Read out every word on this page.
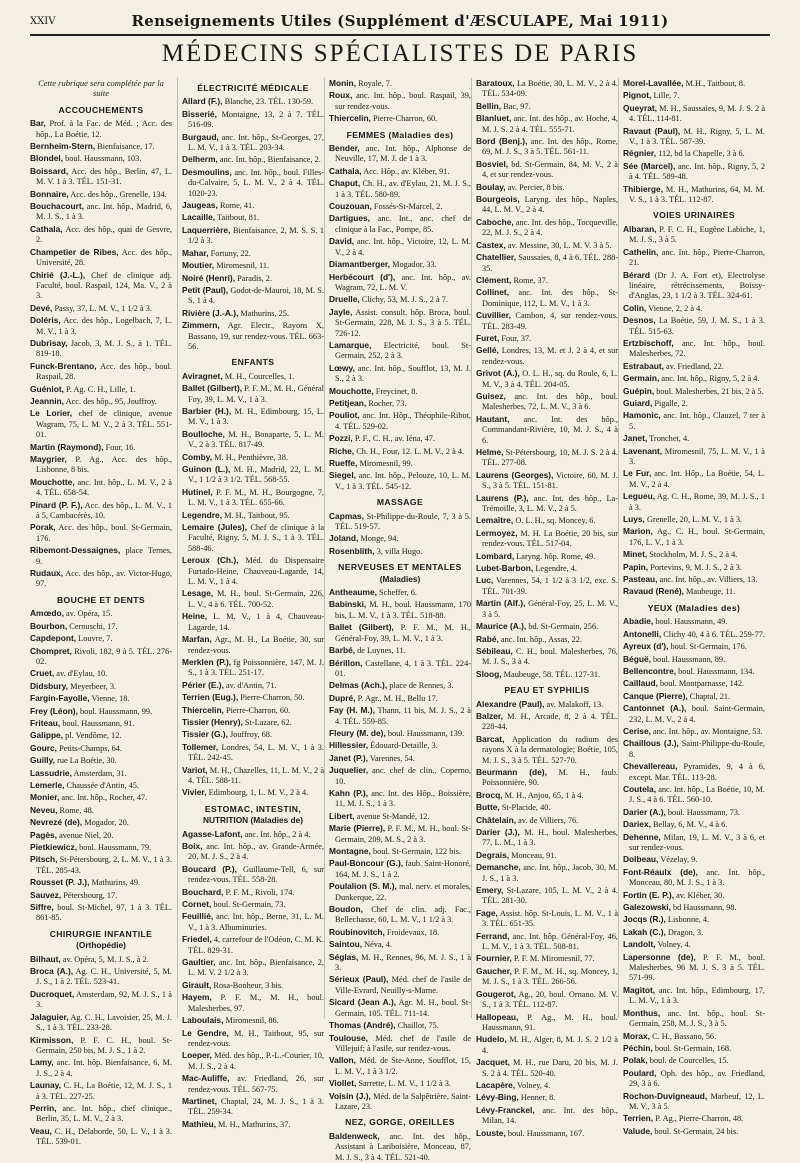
XXIV	Renseignements Utiles (Supplément d'ÆSCULAPE, Mai 1911)
MÉDECINS SPÉCIALISTES DE PARIS
Cette rubrique sera complétée par la suite
ACCOUCHEMENTS

Bar, Prof. à la Fac. de Méd. ; Acc. des hôp., La Boétie, 12.

Bernheim-Stern, Bienfaisance, 17.

Blondel, boul. Haussmann, 103.

Boissard, Acc. des hôp., Berlin, 47, L. M. V. 1 à 3. TÉL. 151-31.

Bonnaire, Acc. des hôp., Grenelle, 134.

Bouchacourt, anc. Int. hôp., Madrid, 6, M. J. S., 1 à 3.

Cathala, Acc. des hôp., quai de Gesvre, 2.

Champetier de Ribes, Acc. des hôp., Université, 28.

Chirié (J.-L.), Chef de clinique adj. Faculté, boul. Raspail, 124, Ma. V., 2 à 3.

Devé, Passy, 37, L. M. V., 1 1/2 à 3.

Doléris, Acc. des hôp., Logelbach, 7, L. M. V., 1 à 3.

Dubrisay, Jacob, 3, M. J. S., à 1. TÉL. 819-18.

Funck-Brentano, Acc. des hôp., boul. Raspail, 28.

Guéniot, P. Ag. C. H., Lille, 1.

Jeannin, Acc. des hôp., 95, Jouffroy.

Le Lorier, chef de clinique, avenue Wagram, 75, L. M. V., 2 à 3. TÉL. 551-01.

Martin (Raymond), Four, 16.

Maygrier, P. Ag., Acc. des hôp., Lisbonne, 8 bis.

Mouchotte, anc. Int. hôp., L. M. V., 2 à 4. TÉL. 658-54.

Pinard (P. F.), Acc. des hôp., L. M. V., 1 à 5, Cambacérès, 10.

Porak, Acc. des hôp., boul. St-Germain, 176.

Ribemont-Dessaignes, place Ternes, 9.

Rudaux, Acc. des hôp., av. Victor-Hugo, 97.

BOUCHE ET DENTS

Amœdo, av. Opéra, 15.

Bourbon, Cernuschi, 17.

Capdepont, Louvre, 7.

Chompret, Rivoli, 182, 9 à 5. TÉL. 276-02.

Cruet, av. d'Eylau, 10.

Didsbury, Meyerbeer, 3.

Fargin-Fayolle, Vienne, 18.

Frey (Léon), boul. Haussmann, 99.

Friteau, boul. Haussmann, 91.

Galippe, pl. Vendôme, 12.

Gourc, Petits-Champs, 64.

Guilly, rue La Boétie, 30.

Lassudrie, Amsterdam, 31.

Lemerle, Chaussée d'Antin, 45.

Monier, anc. Int. hôp., Rocher, 47.

Neveu, Rome, 48.

Nevrezé (de), Mogador, 20.

Pagès, avenue Niel, 20.

Pietkiewicz, boul. Haussmann, 79.

Pitsch, St-Pétersbourg, 2, L. M. V., 1 à 3. TÉL. 285-43.

Rousset (P. J.), Mathurins, 49.

Sauvez, Pétersbourg, 17.

Siffre, boul. St-Michel, 97, 1 à 3. TÉL. 861-85.

CHIRURGIE INFANTILE
(Orthopédie)

Bilhaut, av. Opéra, 5, M. J. S., à 2.

Broca (A.), Ag. C. H., Université, 5, M. J. S., 1 à 2. TÉL. 523-41.

Ducroquet, Amsterdam, 92, M. J. S., 1 à 3.

Jalaguier, Ag. C. H., Lavoisier, 25, M. J. S., 1 à 3. TÉL. 233-28.

Kirmisson, P. F. C. H., boul. St-Germain, 250 bis, M. J. S., 1 à 2.

Lamy, anc. Int. hôp. Bienfaisance, 6, M. J. S., 2 à 4.

Launay, C. H., La Boétie, 12, M. J. S., 1 à 3. TÉL. 227-25.

Perrin, anc. Int. hôp., chef clinique., Berlin, 35, L. M. V., 2 à 3.

Veau, C. H., Delaborde, 50, L. V., 1 à 3. TÉL. 539-01.

ÉLECTRICITÉ MÉDICALE

Allard (F.), Blanche, 23. TÉL. 130-59.

Bisserié, Montaigne, 13, 2 à 7. TÉL. 516-09.

Burgaud, anc. Int. hôp., St-Georges, 27, L. M. V., 1 à 3. TÉL. 203-34.

Delherm, anc. Int. hôp., Bienfaisance, 2.

Desmoulins, anc. Int. hôp., boul. Filles-du-Calvaire, 5, L. M. V., 2 à 4. TÉL. 1020-23.

Jaugeas, Rome, 41.

Lacaille, Taitbout, 81.

Laquerrière, Bienfaisance, 2, M. S. S. 1 1/2 à 3.

Mahar, Fortuny, 22.

Moutier, Miromesnil, 11.

Noiré (Henri), Paradis, 2.

Petit (Paul), Godot-de-Mauroi, 18, M. S. S. 1 à 4.

Rivière (J.-A.), Mathurins, 25.

Zimmern, Agr. Electr., Rayons X, Bassano, 19, sur rendez-vous. TÉL. 663-56.

ENFANTS

Aviragnet, M. H., Courcelles, 1.

Ballet (Gilbert), P. F. M., M. H., Général Foy, 39, L. M. V., 1 à 3.

Barbier (H.), M. H., Edimbourg, 15, L. M. V., 1 à 3.

Boulloche, M. H., Bonaparte, 5, L. M. V., 2 à 3. TÉL. 817-49.

Comby, M. H., Penthièvre, 38.

Guinon (L.), M. H., Madrid, 22, L. M. V., 1 1/2 à 3 1/2. TÉL. 568-55.

Hutinel, P. F. M., M. H., Bourgogne, 7, L. M. V., 1 à 3. TÉL. 655-66.

Legendre, M. H., Taitbout, 95.

Lemaire (Jules), Chef de clinique à la Faculté, Rigny, 5, M. J. S., 1 à 3. TÉL. 588-46.

Leroux (Ch.), Méd. du Dispensaire Furtado-Heine, Chauveau-Lagarde, 14, L. M. V., 1 à 4.

Lesage, M. H., boul. St-Germain, 226, L. V., 4 à 6. TÉL. 700-52.

Heine, L. M. V., 1 à 4, Chauveau-Lagarde, 14.

Marfan, Agr., M. H., La Boétie, 30, sur rendez-vous.

Merklen (P.), fg Poissonnière, 147, M. J. S., 1 à 3. TÉL. 251-17.

Périer (E.), av. d'Antin, 71.

Terrien (Eug.), Pierre-Charron, 50.

Thiercelin, Pierre-Charron, 60.

Tissier (Henry), St-Lazare, 62.

Tissier (G.), Jouffroy, 68.

Tollemer, Londres, 54, L. M. V., 1 à 3. TÉL. 242-45.

Variot, M. H., Chazelles, 11, L. M. V., 2 à 4. TÉL. 588-11.

Vivier, Edimbourg, 1, L. M. V., 2 à 4.

ESTOMAC, INTESTIN,
NUTRITION (Maladies de)

Agasse-Lafont, anc. Int. hôp., 2 à 4.

Boix, anc. Int. hôp., av. Grande-Armée, 20, M. J. S., 2 à 4.

Boucard (P.), Guillaume-Tell, 6, sur rendez-vous. TÉL. 558-28.

Bouchard, P. F. M., Rivoli, 174.

Cornet, boul. St-Germain, 73.

Feuillié, anc. Int. hôp., Berne, 31, L. M. V., 1 à 3. Albuminuries.

Friedel, 4, carrefour de l'Odéon, C. M. K. TÉL. 829-31.

Gaultier, anc. Int. hôp., Bienfaisance, 2, L. M. V. 2 1/2 à 3.

Girault, Rosa-Bonheur, 3 bis.

Hayem, P. F. M., M. H., boul. Malesherbes, 97.

Laboulais, Miromesnil, 86.

Le Gendre, M. H., Taitbout, 95, sur rendez-vous.

Loeper, Méd. des hôp., P.-L.-Courier, 10, M. J. S., 2 à 4.

Mac-Auliffe, av. Friedland, 26, sur rendez-vous. TÉL. 567-75.

Martinet, Chaptal, 24, M. J. S., 1 à 3. TÉL. 259-34.

Mathieu, M. H., Mathurins, 37.

Monin, Royale, 7.

Roux, anc. Int. hôp., boul. Raspail, 39, sur rendez-vous.

Thiercelin, Pierre-Charron, 60.

FEMMES (Maladies des)

Bender, anc. Int. hôp., Alphonse de Neuville, 17, M. J. de 1 à 3.

Cathala, Acc. Hôp., av. Kléber, 91.

Chaput, Ch. H., av. d'Eylau, 21, M. J. S., 1 à 3. TÉL. 580-89.

Couzouan, Fossés-St-Marcel, 2.

Dartigues, anc. Int., anc. chef de clinique à la Fac., Pompe, 85.

David, anc. Int. hôp., Victoire, 12, L. M. V., 2 à 4.

Diamantberger, Mogador, 33.

Herbécourt (d'), anc. Int. hôp., av. Wagram, 72, L. M. V.

Druelle, Clichy, 53, M. J. S., 2 à 7.

Jayle, Assist. consult. hôp. Broca, boul. St-Germain, 228, M. J. S., 3 à 5. TÉL. 726-12.

Lamarque, Electricité, boul. St-Germain, 252, 2 à 3.

Lœwy, anc. Int. hôp., Soufflot, 13, M. J. S., 2 à 3.

Mouchotte, Freycinet, 8.

Petitjean, Rocher, 73.

Pouliot, anc. Int. Hôp., Théophile-Ribot, 4. TÉL. 529-02.

Pozzi, P. F., C. H., av. Iéna, 47.

Riche, Ch. H., Four, 12. L. M. V., 2 à 4.

Rueffe, Miromesnil, 99.

Siegel, anc. Int. hôp., Pelouze, 10, L. M. V., 1 à 3. TÉL. 545-12.

MASSAGE

Capmas, St-Philippe-du-Roule, 7, 3 à 5. TÉL. 519-57.

Joland, Monge, 94.

Rosenblith, 3, villa Hugo.

NERVEUSES ET MENTALES
(Maladies)

Antheaume, Scheffer, 6.

Babinski, M. H., boul. Haussmann, 170 bis, L. M. V., 1 à 3. TÉL. 518-88.

Ballet (Gilbert), P. F. M., M. H., Général-Foy, 39, L. M. V., 1 à 3.

Barbé, de Luynes, 11.

Bérillon, Castellane, 4, 1 à 3. TÉL. 224-01.

Delmas (Ach.), place de Rennes, 3.

Dupré, P. Agr., M. H., Bellu 17.

Fay (H. M.), Thann, 11 bis, M. J. S., 2 à 4. TÉL. 559-85.

Fleury (M. de), boul. Haussmann, 139.

Hillessier, Édouard-Detaille, 3.

Janet (P.), Varennes, 54.

Juquelier, anc. chef de clin., Coperno, 10.

Kahn (P.), anc. Int. des Hôp., Boissière, 11, M. J. S., 1 à 3.

Libert, avenue St-Mandé, 12.

Marie (Pierre), P. F. M., M. H., boul. St-Germain, 209, M. S., 2 à 3.

Montagne, boul. St-Germain, 122 bis.

Paul-Boncour (G.), faub. Saint-Honoré, 164, M. J. S., 1 à 2.

Poulalion (S. M.), mal. nerv. et morales, Dunkerque, 22.

Boudon, Chef de clin. adj. Fac., Bellechasse, 60, L. M. V., 1 1/2 à 3.

Roubinovitch, Froidevaux, 18.

Saintou, Néva, 4.

Séglas, M. H., Rennes, 96, M. J. S., 1 à 3.

Sérieux (Paul), Méd. chef de l'asile de Ville-Evrard, Neuilly-s-Marne.

Sicard (Jean A.), Agr. M. H., boul. St-Germain, 105. TÉL. 711-14.

Thomas (André), Chaillot, 75.

Toulouse, Méd. chef de l'asile de Villejuif; à l'asile, sur rendez-vous.

Vallon, Méd. de Ste-Anne, Soufflot, 15, L. M. V., 1 à 3 1/2.

Viollet, Sarrette, L. M. V., 1 1/2 à 3.

Voisin (J.), Méd. de la Salpêtrière, Saint-Lazare, 23.

NEZ, GORGE, OREILLES

Baldenweck, anc. Int. des hôp., Assistant à Lariboisière, Monceau, 87, M. J. S., 3 à 4. TÉL. 521-40.

Baratoux, La Boétie, 30, L. M. V., 2 à 4. TÉL. 534-09.

Bellin, Bac, 97.

Blanluet, anc. Int. des hôp., av. Hoche, 4, M. J. S. 2 à 4. TÉL. 555-71.

Bord (Benj.), anc. Int. des hôp., Rome, 69, M. J. S., 3 à 5. TÉL. 561-11.

Bosviel, bd. St-Germain, 84, M. V., 2 à 4, et sur rendez-vous.

Boulay, av. Percier, 8 bis.

Bourgeois, Laryng. des hôp., Naples, 44, L. M. V., 2 à 4.

Caboche, anc. Int. des hôp., Tocqueville, 22, M. J. S., 2 à 4.

Castex, av. Messine, 30, L. M. V. 3 à 5.

Chatellier, Saussaies, 8, 4 à 6. TÉL. 288-35.

Clément, Rome, 37.

Collinet, anc. Int. des hôp., St-Dominique, 112, L. M. V., 1 à 3.

Cuvillier, Cambon, 4, sur rendez-vous. TÉL. 283-49.

Furet, Four, 37.

Gellé, Londres, 13, M. et J. 2 à 4, et sur rendez-vous.

Grivot (A.), O. L. H., sq. du Roule, 6, L. M. V., 3 à 4. TÉL. 204-05.

Guisez, anc. Int. des hôp., boul. Malesherbes, 72, L. M. V., 3 à 6.

Hautant, anc. Int. des hôp., Commandant-Rivière, 10, M. J. S., 4 à 6.

Helme, St-Pétersbourg, 10, M. J. S. 2 à 4. TÉL. 277-08.

Laurens (Georges), Victoire, 60, M. J. S., 3 à 5. TÉL. 151-81.

Laurens (P.), anc. Int. des hôp., La-Trémoille, 3, L. M. V., 2 à 5.

Lemaître, O. L. H., sq. Moncey, 6.

Lermoyez, M. H. La Boétie, 20 bis, sur rendez-vous. TÉL. 517-04.

Lombard, Laryng. hôp. Rome, 49.

Lubet-Barbon, Legendre, 4.

Luc, Varennes, 54, 1 1/2 à 3 1/2, exc. S. TÉL. 701-39.

Martin (Alf.), Général-Foy, 25, L. M. V., 3 à 5.

Maurice (A.), bd. St-Germain, 256.

Rabé, anc. Int. hôp., Assas, 22.

Sébileau, C. H., boul. Malesherbes, 76, M. J. S., 3 à 4.

Sloog, Maubeuge, 58. TÉL. 127-31.

PEAU ET SYPHILIS

Alexandre (Paul), av. Malakoff, 13.

Balzer, M. H., Arcade, 8, 2 à 4. TÉL. 228-44.

Barcat, Application du radium des rayons X à la dermatologie; Boétie, 105, M. J. S., 3 à 5. TÉL. 527-70.

Beurmann (de), M. H., faub. Poissonnière, 90.

Brocq, M. H., Anjou, 65, 1 à 4.

Butte, St-Placide, 40.

Châtelain, av. de Villiers, 76.

Darier (J.), M. H., boul. Malesherbes, 77, L. M., 1 à 3.

Degrais, Monceau, 91.

Demanche, anc. Int. hôp., Jacob, 30, M. J. S., 1 à 3.

Emery, St-Lazare, 105, L. M. V., 2 à 4. TÉL. 281-30.

Fage, Assist. hôp. St-Louis, L. M. V., 1 à 3. TÉL. 651-35.

Ferrand, anc. Int. hôp. Général-Foy, 46, L. M. V., 1 à 3. TÉL. 508-81.

Fournier, P. F. M. Miromesnil, 77.

Gaucher, P. F. M., M. H., sq. Moncey, 1, M. J. S., 1 à 3. TÉL. 266-56.

Gougerot, Ag., 20, boul. Ornano. M. V. S., 1 à 3. TÉL. 112-87.

Hallopeau, P. Ag., M. H., boul. Haussmann, 91.

Hudelo, M. H., Alger, 8, M. J. S. 2 1/2 à 4.

Jacquet, M. H., rue Daru, 20 bis, M. J. S. 2 à 4. TÉL. 520-40.

Lacapère, Volney, 4.

Lévy-Bing, Henner, 8.

Lévy-Franckel, anc. Int. des hôp., Milan, 14.

Louste, boul. Haussmann, 167.

Morel-Lavallée, M.H., Taitbout, 8.

Pignot, Lille, 7.

Queyrat, M. H., Saussaies, 9, M. J. S. 2 à 4. TÉL. 114-81.

Ravaut (Paul), M. H., Rigny, 5, L. M. V., 1 à 3. TÉL. 587-39.

Régnier, 112, bd la Chapelle, 3 à 6.

Sée (Marcel), anc. Int. hôp., Rigny, 5, 2 à 4. TÉL. 589-48.

Thibierge, M. H., Mathurins, 64, M. M. V. S., 1 à 3. TÉL. 112-87.

VOIES URINAIRES

Albaran, P. F. C. H., Eugène Labiche, 1, M. J. S., 3 à 5.

Cathelin, anc. Int. hôp., Pierre-Charron, 21.

Bérard (Dr J. A. Fort et), Electrolyse linéaire, rétrécissements, Boissy-d'Anglas, 23, 1 1/2 à 3. TÉL. 324-61.

Colin, Vienne, 2, 2 à 4.

Desnos, La Boétie, 59, J. M. S., 1 à 3. TÉL. 515-63.

Ertzbischoff, anc. Int. hôp., boul. Malesherbes, 72.

Estrabaut, av. Friedland, 22.

Germain, anc. Int. hôp., Rigny, 5, 2 à 4.

Guépin, boul. Malesherbes, 21 bis, 2 à 5.

Guiard, Pigalle, 2.

Hamonic, anc. Int. hôp., Clauzel, 7 ter à 5.

Janet, Tronchet, 4.

Lavenant, Miromesnil, 75, L. M. V., 1 à 3.

Le Fur, anc. Int. Hôp., La Boétie, 54, L. M. V., 2 à 4.

Legueu, Ag. C. H., Rome, 39, M. J. S., 1 à 3.

Luys, Grenelle, 20, L. M. V., 1 à 3.

Marion, Ag., C. H., boul. St-Germain, 176, L. V., 1 à 3.

Minet, Stockholm, M. J. S., 2 à 4.

Papin, Portevins, 9, M. J. S., 2 à 3.

Pasteau, anc. Int. hôp., av. Villiers, 13.

Ravaud (René), Maubeuge, 11.

YEUX (Maladies des)

Abadie, boul. Haussmann, 49.

Antonelli, Clichy 40, 4 à 6. TÉL. 259-77.

Ayreux (d'), boul. St-Germain, 176.

Béguë, boul. Haussmann, 89.

Bellencontre, boul. Haussmann, 134.

Caillaud, boul. Montparnasse, 142.

Canque (Pierre), Chaptal, 21.

Cantonnet (A.), boul. Saint-Germain, 232, L. M. V., 2 à 4.

Cerise, anc. Int. hôp., av. Montaigne, 53.

Chaillous (J.), Saint-Philippe-du-Roule, 8.

Chevallereau, Pyramides, 9, 4 à 6, except. Mar. TÉL. 113-28.

Coutela, anc. Int. hôp., La Boétie, 10, M. J. S., 4 à 6. TÉL. 560-10.

Darier (A.), boul. Haussmann, 73.

Dariex, Bellay, 6, M. V., 4 à 6.

Dehenne, Milan, 19, L. M. V., 3 à 6, et sur rendez-vous.

Dolbeau, Vézelay, 9.

Font-Réaulx (de), anc. Int. hôp., Monceau, 80, M. J. S., 1 à 3.

Fortin (E. P.), av. Kléber, 30.

Galezowski, bd Haussmann, 98.

Jocqs (R.), Lisbonne, 4.

Lakah (C.), Dragon, 3.

Landolt, Volney, 4.

Lapersonne (de), P. F. M., boul. Malesherbes, 96 M. J. S. 3 à 5. TÉL. 571-99.

Magitot, anc. Int. hôp., Edimbourg, 17, L. M. V., 1 à 3.

Monthus, anc. Int. hôp., boul. St-Germain, 258, M. J. S., 3 à 5.

Morax, C. H., Bassano, 56.

Péchin, boul. St-Germain, 168.

Polak, boul. de Courcelles, 15.

Poulard, Oph. des hôp., av. Friedland, 29, 3 à 6.

Rochon-Duvigneaud, Marbeuf, 12, L. M. V., 3 à 5.

Terrien, P. Ag., Pierre-Charron, 48.

Valude, boul. St-Germain, 24 bis.
